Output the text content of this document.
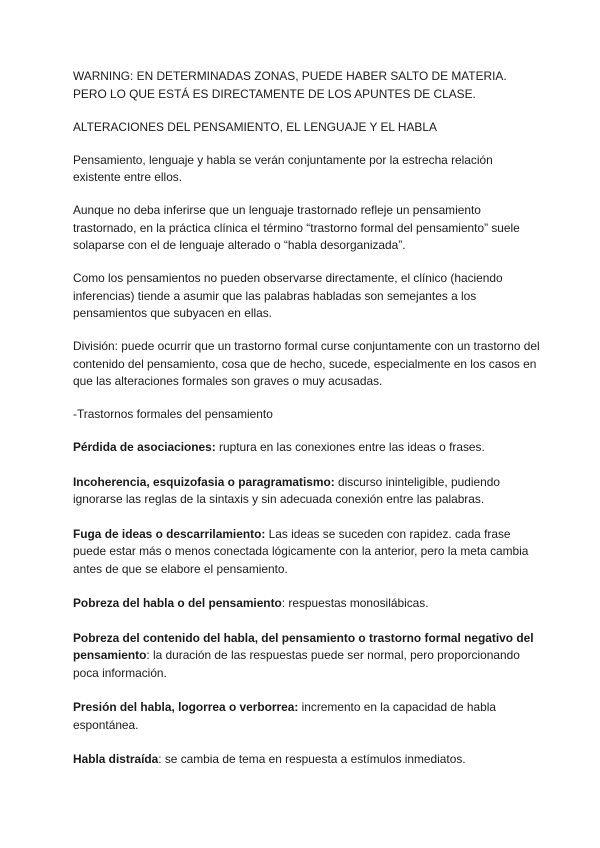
WARNING: EN DETERMINADAS ZONAS, PUEDE HABER SALTO DE MATERIA.
PERO LO QUE ESTÁ ES DIRECTAMENTE DE LOS APUNTES DE CLASE.

ALTERACIONES DEL PENSAMIENTO, EL LENGUAJE Y EL HABLA

Pensamiento, lenguaje y habla se verán conjuntamente por la estrecha relación existente entre ellos.

Aunque no deba inferirse que un lenguaje trastornado refleje un pensamiento trastornado, en la práctica clínica el término “trastorno formal del pensamiento” suele solaparse con el de lenguaje alterado o “habla desorganizada”.

Como los pensamientos no pueden observarse directamente, el clínico (haciendo inferencias) tiende a asumir que las palabras habladas son semejantes a los pensamientos que subyacen en ellas.

División: puede ocurrir que un trastorno formal curse conjuntamente con un trastorno del contenido del pensamiento, cosa que de hecho, sucede, especialmente en los casos en que las alteraciones formales son graves o muy acusadas.

-Trastornos formales del pensamiento

Pérdida de asociaciones: ruptura en las conexiones entre las ideas o frases.

Incoherencia, esquizofasia o paragramatismo: discurso ininteligible, pudiendo ignorarse las reglas de la sintaxis y sin adecuada conexión entre las palabras.

Fuga de ideas o descarrilamiento: Las ideas se suceden con rapidez. cada frase puede estar más o menos conectada lógicamente con la anterior, pero la meta cambia antes de que se elabore el pensamiento.

Pobreza del habla o del pensamiento: respuestas monosilábicas.

Pobreza del contenido del habla, del pensamiento o trastorno formal negativo del pensamiento: la duración de las respuestas puede ser normal, pero proporcionando poca información.

Presión del habla, logorrea o verborrea: incremento en la capacidad de habla espontánea.

Habla distraída: se cambia de tema en respuesta a estímulos inmediatos.
